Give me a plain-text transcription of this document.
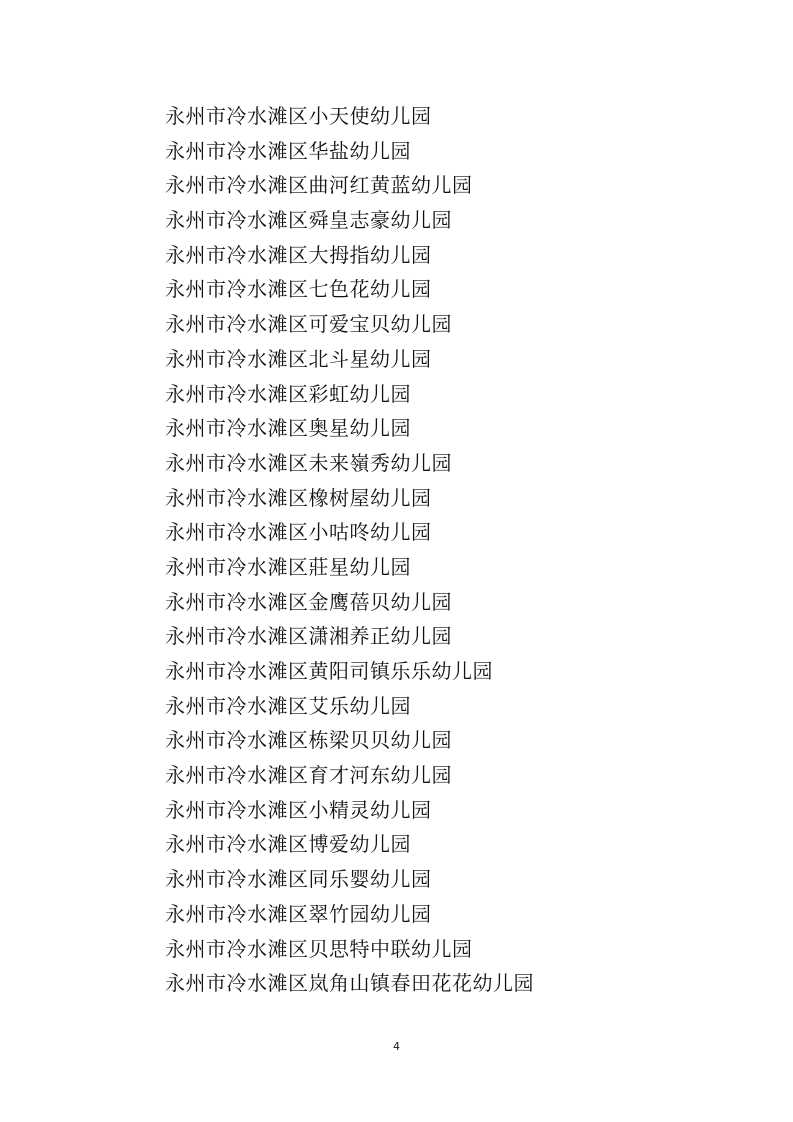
永州市冷水滩区小天使幼儿园
永州市冷水滩区华盐幼儿园
永州市冷水滩区曲河红黄蓝幼儿园
永州市冷水滩区舜皇志豪幼儿园
永州市冷水滩区大拇指幼儿园
永州市冷水滩区七色花幼儿园
永州市冷水滩区可爱宝贝幼儿园
永州市冷水滩区北斗星幼儿园
永州市冷水滩区彩虹幼儿园
永州市冷水滩区奥星幼儿园
永州市冷水滩区未来嶺秀幼儿园
永州市冷水滩区橡树屋幼儿园
永州市冷水滩区小咕咚幼儿园
永州市冷水滩区莊星幼儿园
永州市冷水滩区金鹰蓓贝幼儿园
永州市冷水滩区潇湘养正幼儿园
永州市冷水滩区黄阳司镇乐乐幼儿园
永州市冷水滩区艾乐幼儿园
永州市冷水滩区栋梁贝贝幼儿园
永州市冷水滩区育才河东幼儿园
永州市冷水滩区小精灵幼儿园
永州市冷水滩区博爱幼儿园
永州市冷水滩区同乐婴幼儿园
永州市冷水滩区翠竹园幼儿园
永州市冷水滩区贝思特中联幼儿园
永州市冷水滩区岚角山镇春田花花幼儿园
4
